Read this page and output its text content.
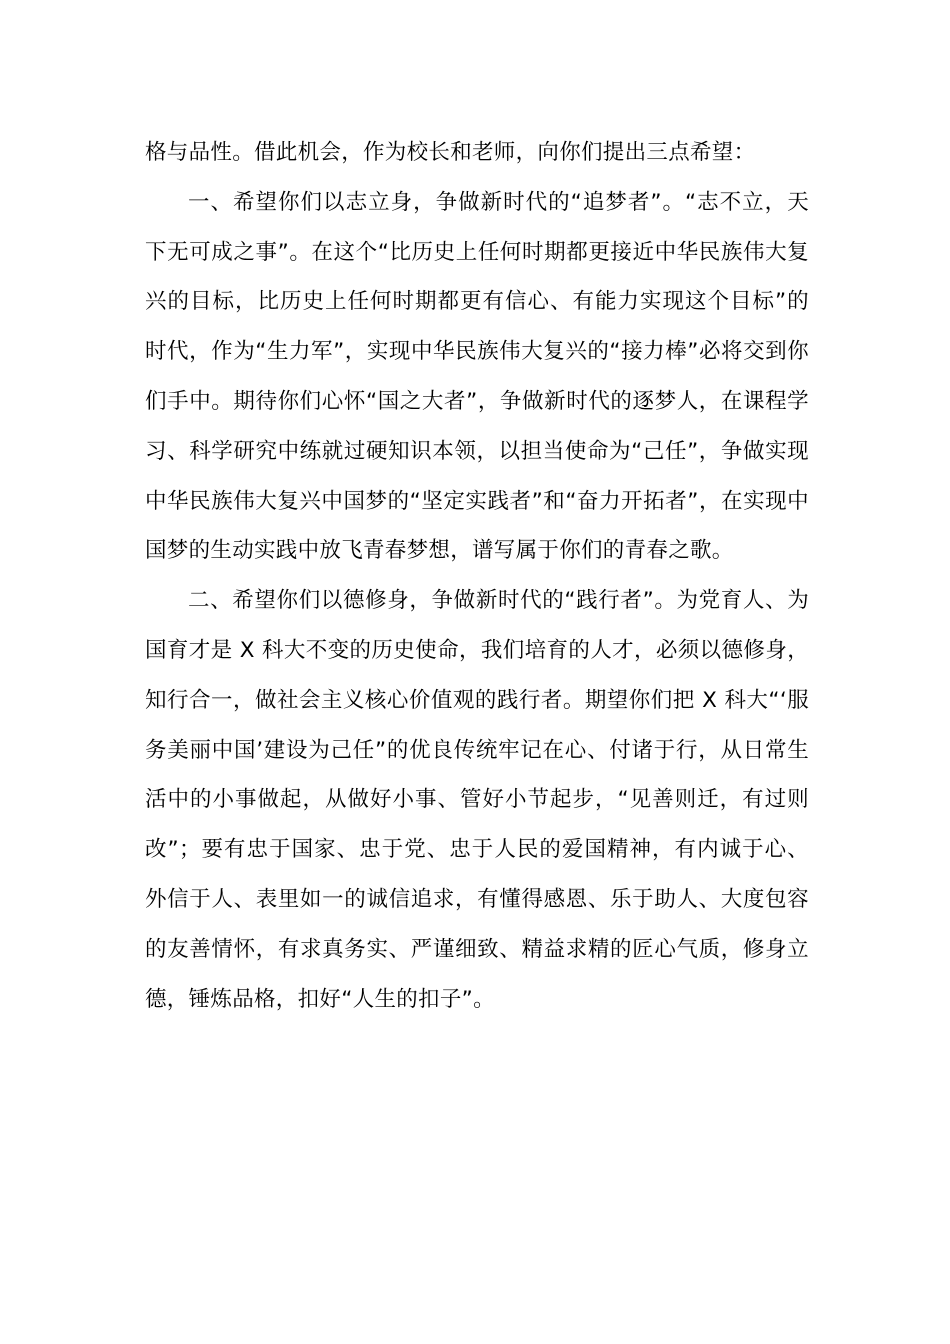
格与品性。借此机会，作为校长和老师，向你们提出三点希望：

一、希望你们以志立身，争做新时代的“追梦者”。“志不立，天下无可成之事”。在这个“比历史上任何时期都更接近中华民族伟大复兴的目标，比历史上任何时期都更有信心、有能力实现这个目标”的时代，作为“生力军”，实现中华民族伟大复兴的“接力棒”必将交到你们手中。期待你们心怀“国之大者”，争做新时代的逐梦人，在课程学习、科学研究中练就过硬知识本领，以担当使命为“己任”，争做实现中华民族伟大复兴中国梦的“坚定实践者”和“奋力开拓者”，在实现中国梦的生动实践中放飞青春梦想，谱写属于你们的青春之歌。

二、希望你们以德修身，争做新时代的“践行者”。为党育人、为国育才是 X 科大不变的历史使命，我们培育的人才，必须以德修身，知行合一，做社会主义核心价值观的践行者。期望你们把 X 科大“‘服务美丽中国’建设为己任”的优良传统牢记在心、付诸于行，从日常生活中的小事做起，从做好小事、管好小节起步，“见善则迁，有过则改”；要有忠于国家、忠于党、忠于人民的爱国精神，有内诚于心、外信于人、表里如一的诚信追求，有懂得感恩、乐于助人、大度包容的友善情怀，有求真务实、严谨细致、精益求精的匠心气质，修身立德，锤炼品格，扣好“人生的扣子”。
